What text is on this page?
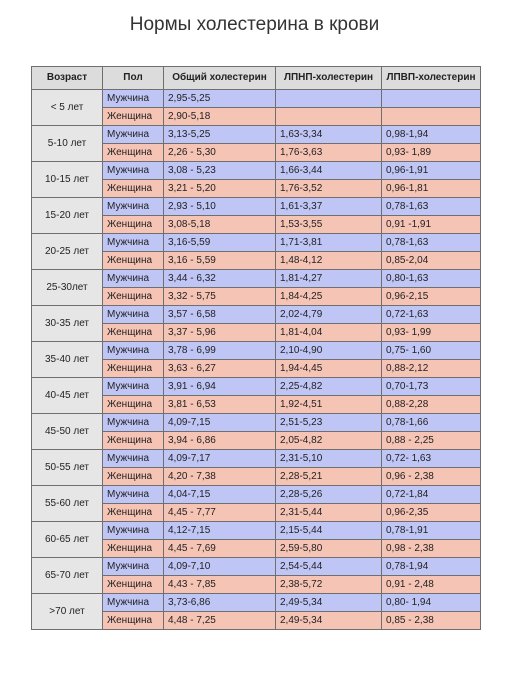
Нормы холестерина в крови
Возраст	Пол	Общий холестерин	ЛПНП-холестерин	ЛПВП-холестерин
< 5 лет	Мужчина	2,95-5,25		
	Женщина	2,90-5,18		
5-10 лет	Мужчина	3,13-5,25	1,63-3,34	0,98-1,94
	Женщина	2,26 - 5,30	1,76-3,63	0,93- 1,89
10-15 лет	Мужчина	3,08 - 5,23	1,66-3,44	0,96-1,91
	Женщина	3,21 - 5,20	1,76-3,52	0,96-1,81
15-20 лет	Мужчина	2,93 - 5,10	1,61-3,37	0,78-1,63
	Женщина	3,08-5,18	1,53-3,55	0,91 -1,91
20-25 лет	Мужчина	3,16-5,59	1,71-3,81	0,78-1,63
	Женщина	3,16 - 5,59	1,48-4,12	0,85-2,04
25-30лет	Мужчина	3,44 - 6,32	1,81-4,27	0,80-1,63
	Женщина	3,32 - 5,75	1,84-4,25	0,96-2,15
30-35 лет	Мужчина	3,57 - 6,58	2,02-4,79	0,72-1,63
	Женщина	3,37 - 5,96	1,81-4,04	0,93- 1,99
35-40 лет	Мужчина	3,78 - 6,99	2,10-4,90	0,75- 1,60
	Женщина	3,63 - 6,27	1,94-4,45	0,88-2,12
40-45 лет	Мужчина	3,91 - 6,94	2,25-4,82	0,70-1,73
	Женщина	3,81 - 6,53	1,92-4,51	0,88-2,28
45-50 лет	Мужчина	4,09-7,15	2,51-5,23	0,78-1,66
	Женщина	3,94 - 6,86	2,05-4,82	0,88 - 2,25
50-55 лет	Мужчина	4,09-7,17	2,31-5,10	0,72- 1,63
	Женщина	4,20 - 7,38	2,28-5,21	0,96 - 2,38
55-60 лет	Мужчина	4,04-7,15	2,28-5,26	0,72-1,84
	Женщина	4,45 - 7,77	2,31-5,44	0,96-2,35
60-65 лет	Мужчина	4,12-7,15	2,15-5,44	0,78-1,91
	Женщина	4,45 - 7,69	2,59-5,80	0,98 - 2,38
65-70 лет	Мужчина	4,09-7,10	2,54-5,44	0,78-1,94
	Женщина	4,43 - 7,85	2,38-5,72	0,91 - 2,48
>70 лет	Мужчина	3,73-6,86	2,49-5,34	0,80- 1,94
	Женщина	4,48 - 7,25	2,49-5,34	0,85 - 2,38
